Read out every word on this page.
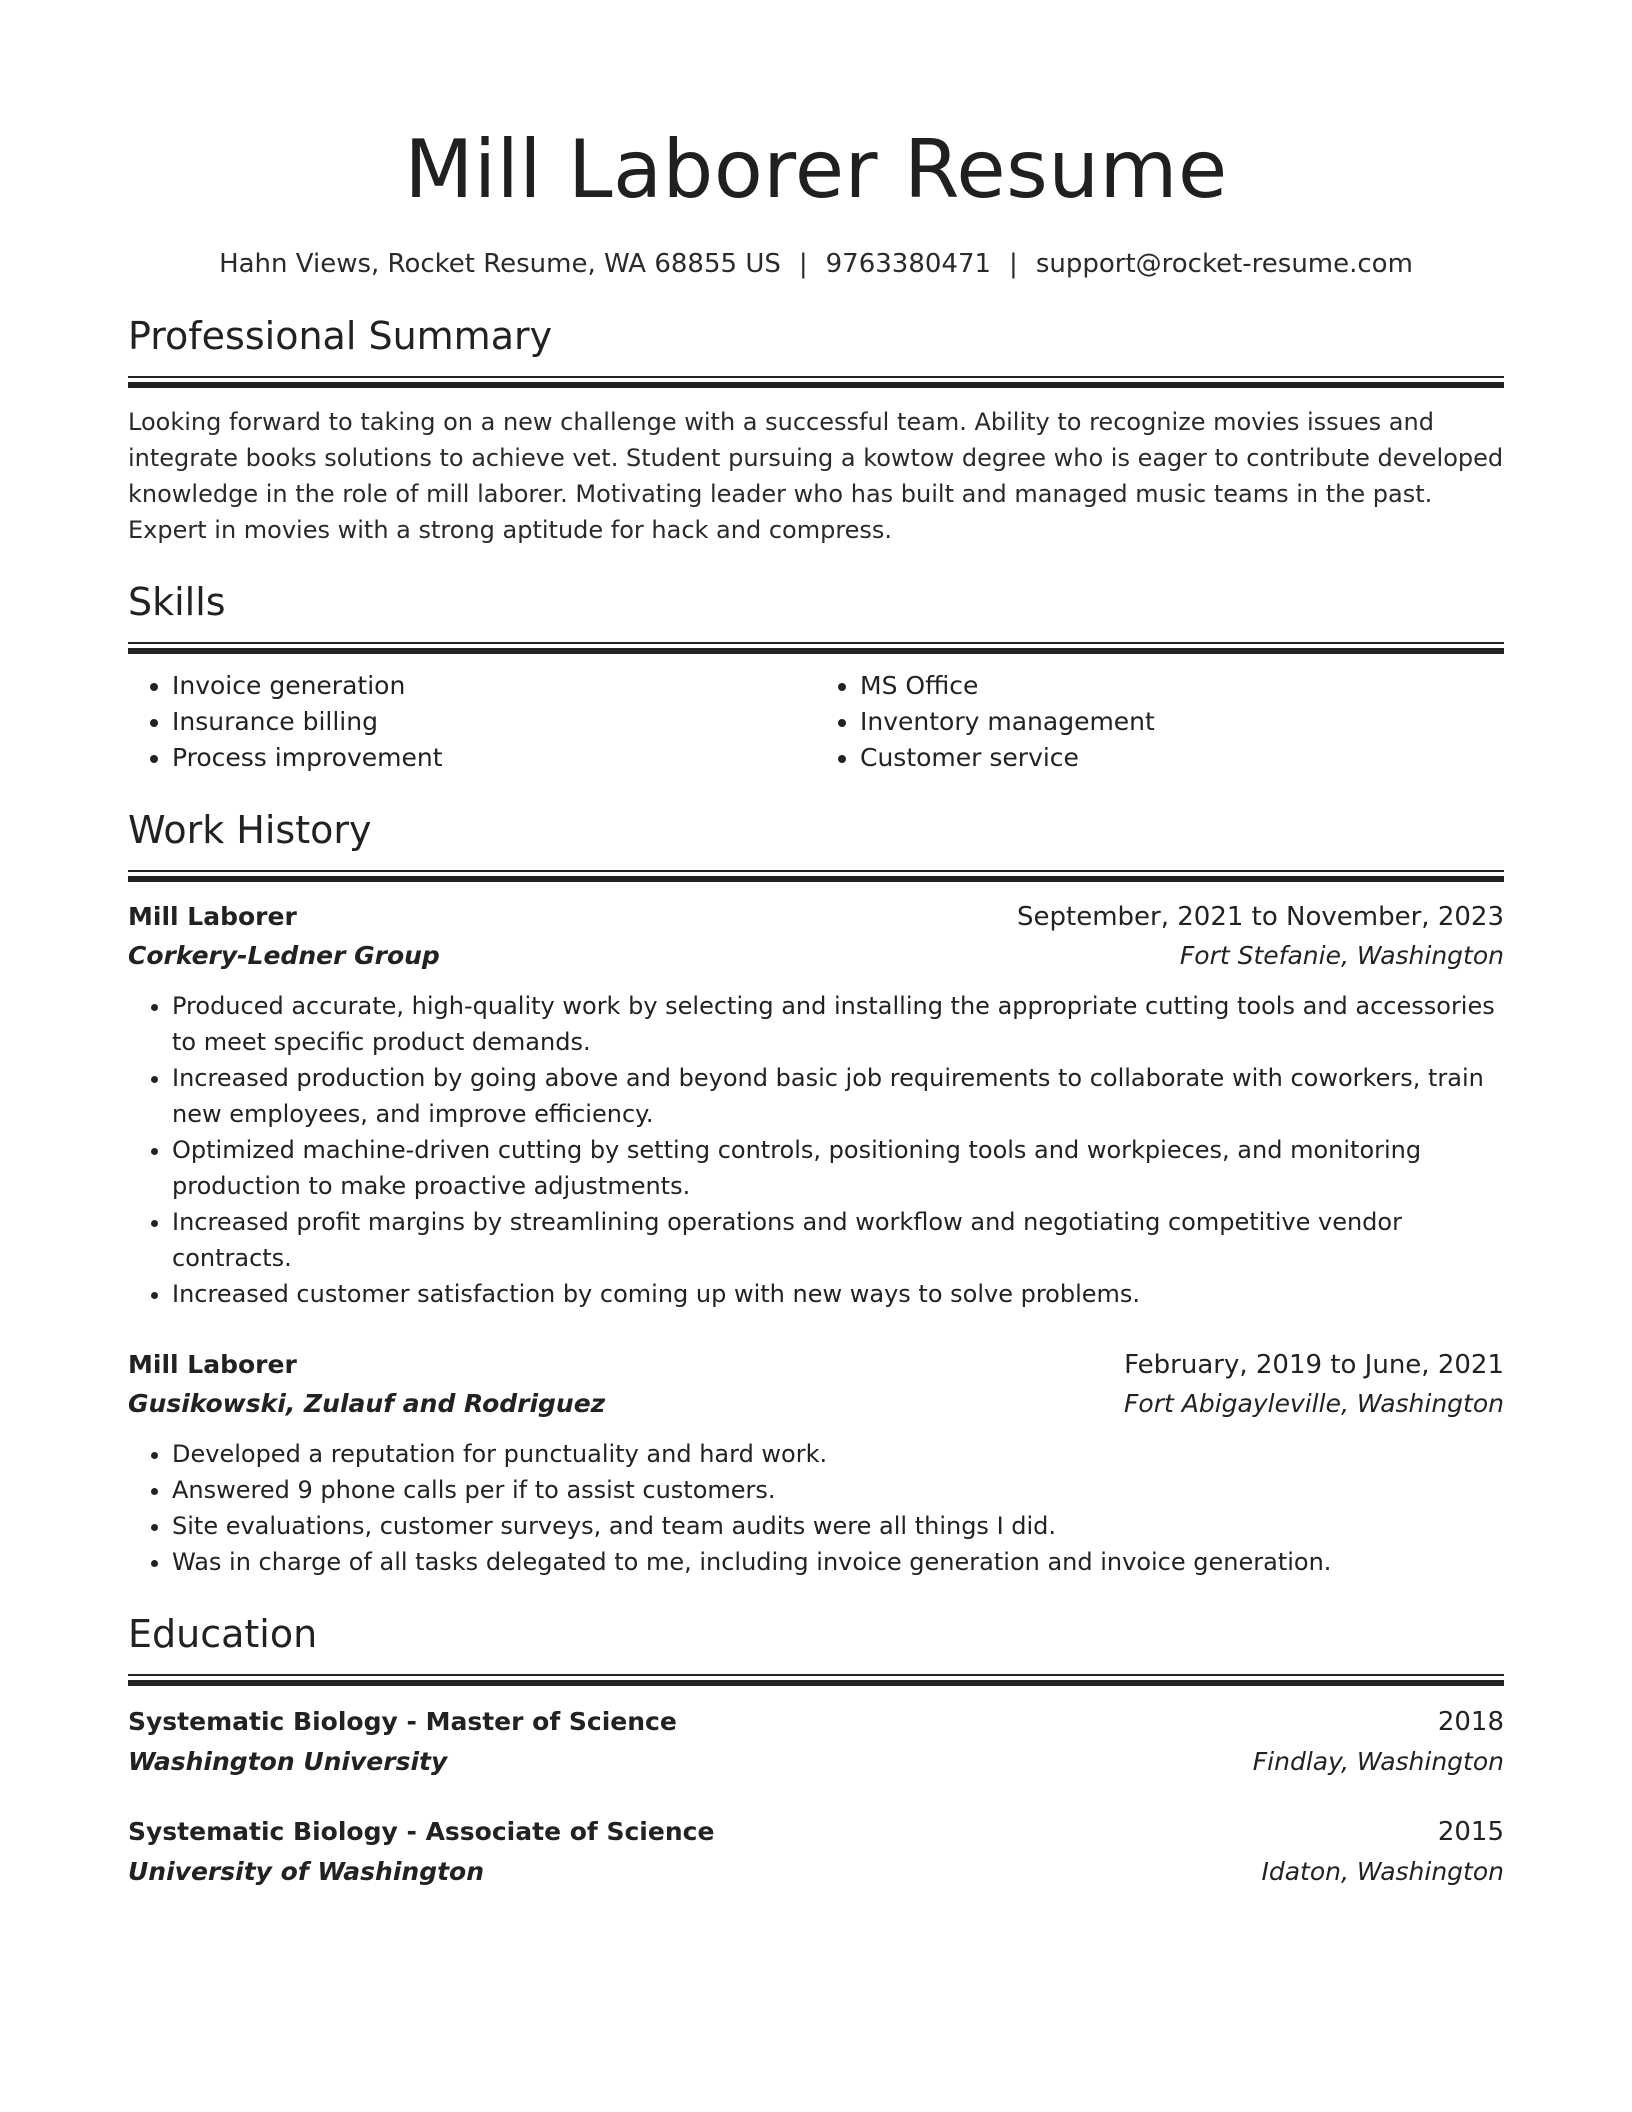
Mill Laborer Resume
Hahn Views, Rocket Resume, WA 68855 US | 9763380471 | support@rocket-resume.com
Professional Summary

Looking forward to taking on a new challenge with a successful team. Ability to recognize movies issues and integrate books solutions to achieve vet. Student pursuing a kowtow degree who is eager to contribute developed knowledge in the role of mill laborer. Motivating leader who has built and managed music teams in the past. Expert in movies with a strong aptitude for hack and compress.

Skills
• Invoice generation
• Insurance billing
• Process improvement
• MS Office
• Inventory management
• Customer service
Work History
Mill Laborer	September, 2021 to November, 2023
Corkery-Ledner Group	Fort Stefanie, Washington
• Produced accurate, high-quality work by selecting and installing the appropriate cutting tools and accessories to meet specific product demands.
• Increased production by going above and beyond basic job requirements to collaborate with coworkers, train new employees, and improve efficiency.
• Optimized machine-driven cutting by setting controls, positioning tools and workpieces, and monitoring production to make proactive adjustments.
• Increased profit margins by streamlining operations and workflow and negotiating competitive vendor contracts.
• Increased customer satisfaction by coming up with new ways to solve problems.
Mill Laborer	February, 2019 to June, 2021
Gusikowski, Zulauf and Rodriguez	Fort Abigayleville, Washington
• Developed a reputation for punctuality and hard work.
• Answered 9 phone calls per if to assist customers.
• Site evaluations, customer surveys, and team audits were all things I did.
• Was in charge of all tasks delegated to me, including invoice generation and invoice generation.
Education
Systematic Biology - Master of Science	2018
Washington University	Findlay, Washington
Systematic Biology - Associate of Science	2015
University of Washington	Idaton, Washington
